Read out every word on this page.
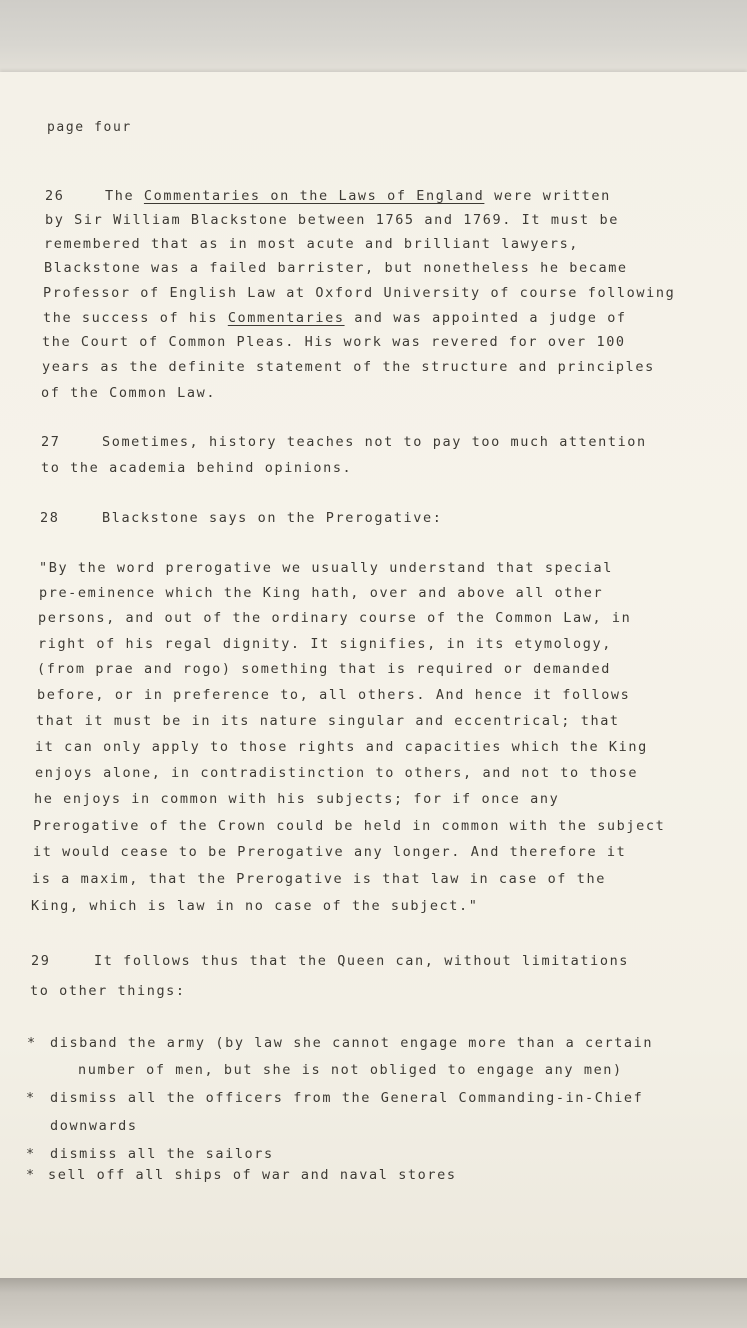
page four
26	The Commentaries on the Laws of England were written
by Sir William Blackstone between 1765 and 1769. It must be
remembered that as in most acute and brilliant lawyers,
Blackstone was a failed barrister, but nonetheless he became
Professor of English Law at Oxford University of course following
the success of his Commentaries and was appointed a judge of
the Court of Common Pleas. His work was revered for over 100
years as the definite statement of the structure and principles
of the Common Law.
27	Sometimes, history teaches not to pay too much attention
to the academia behind opinions.
28	Blackstone says on the Prerogative:
"By the word prerogative we usually understand that special
pre-eminence which the King hath, over and above all other
persons, and out of the ordinary course of the Common Law, in
right of his regal dignity. It signifies, in its etymology,
(from prae and rogo) something that is required or demanded
before, or in preference to, all others. And hence it follows
that it must be in its nature singular and eccentrical; that
it can only apply to those rights and capacities which the King
enjoys alone, in contradistinction to others, and not to those
he enjoys in common with his subjects; for if once any
Prerogative of the Crown could be held in common with the subject
it would cease to be Prerogative any longer. And therefore it
is a maxim, that the Prerogative is that law in case of the
King, which is law in no case of the subject."
29	It follows thus that the Queen can, without limitations
to other things:
* disband the army (by law she cannot engage more than a certain
number of men, but she is not obliged to engage any men)
* dismiss all the officers from the General Commanding-in-Chief
downwards
* dismiss all the sailors
* sell off all ships of war and naval stores
